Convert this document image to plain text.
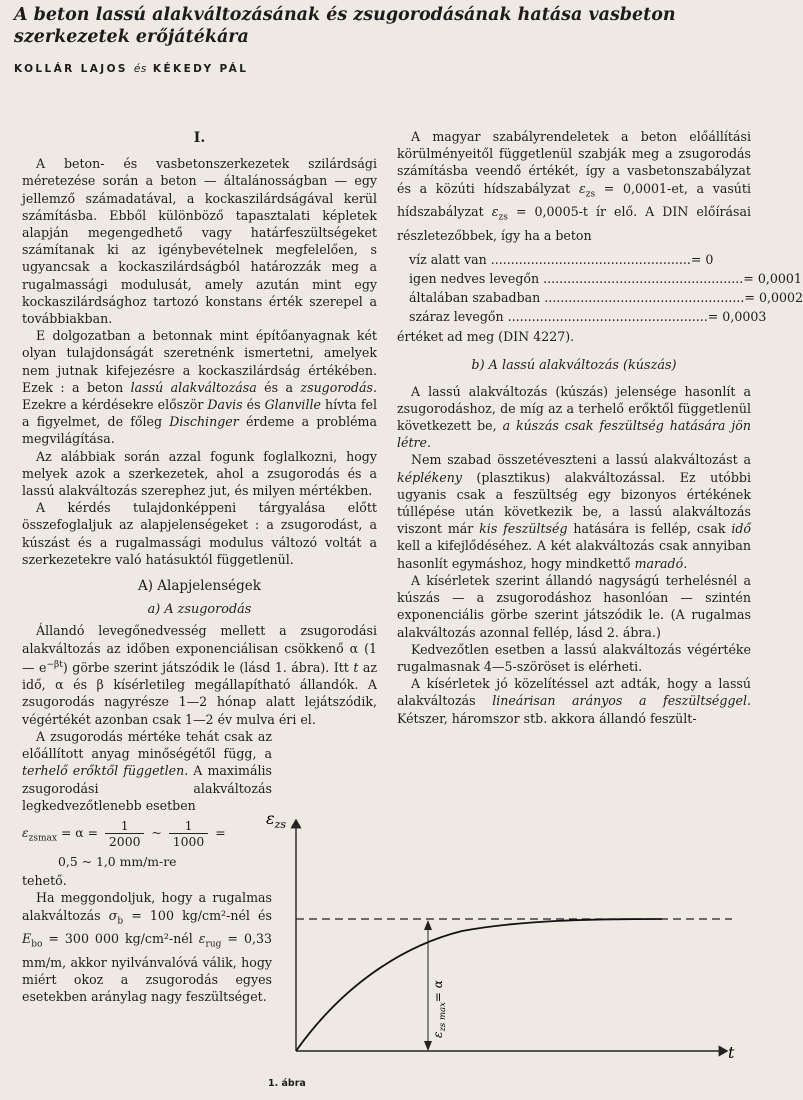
A beton lassú alakváltozásának és zsugorodásának hatása vasbeton szerkezetek erőjátékára
KOLLÁR LAJOS és KÉKEDY PÁL
I.

A beton- és vasbetonszerkezetek szilárdsági méretezése során a beton — általánosságban — egy jellemző számadatával, a kockaszilárdságával kerül számításba. Ebből különböző tapasztalati képletek alapján megengedhető vagy határfeszültségeket számítanak ki az igénybevételnek megfelelően, s ugyancsak a kockaszilárdságból határozzák meg a rugalmassági modulusát, amely azután mint egy kockaszilárdsághoz tartozó konstans érték szerepel a továbbiakban.

E dolgozatban a betonnak mint építőanyagnak két olyan tulajdonságát szeretnénk ismertetni, amelyek nem jutnak kifejezésre a kockaszilárdság értékében. Ezek : a beton lassú alakváltozása és a zsugorodás. Ezekre a kérdésekre először Davis és Glanville hívta fel a figyelmet, de főleg Dischinger érdeme a probléma megvilágítása.

Az alábbiak során azzal fogunk foglalkozni, hogy melyek azok a szerkezetek, ahol a zsugorodás és a lassú alakváltozás szerephez jut, és milyen mértékben.

A kérdés tulajdonképpeni tárgyalása előtt összefoglaljuk az alapjelenségeket : a zsugorodást, a kúszást és a rugalmassági modulus változó voltát a szerkezetekre való hatásuktól függetlenül.

A) Alapjelenségek
a) A zsugorodás

Állandó levegőnedvesség mellett a zsugorodási alakváltozás az időben exponenciálisan csökkenő α (1 — $e^{-\beta t}$) görbe szerint játszódik le (lásd 1. ábra). Itt t az idő, α és β kísérletileg megállapítható állandók. A zsugorodás nagyrésze 1—2 hónap alatt lejátszódik, végértékét azonban csak 1—2 év mulva éri el.

A zsugorodás mértéke tehát csak az előállított anyag minőségétől függ, a terhelő erőktől független. A maximális zsugorodási alakváltozás legkedvezőtlenebb esetben

$\varepsilon_{zsmax} = \alpha = \frac{1}{2000}$ ~ $\frac{1}{1000}$ =
0,5 ~ 1,0 mm/m-re

tehető.

Ha meggondoljuk, hogy a rugalmas alakváltozás $\sigma_b = 100$ kg/cm²-nél és $E_{bo} = 300$ 000 kg/cm²-nél $\varepsilon_{rug} = 0,33$ mm/m, akkor nyilvánvalóvá válik, hogy miért okoz a zsugorodás egyes esetekben aránylag nagy feszültséget.

A magyar szabályrendeletek a beton előállítási körülményeitől függetlenül szabják meg a zsugorodás számításba veendő értékét, így a vasbetonszabályzat és a közúti hídszabályzat $\varepsilon_{zs} = 0,0001-et$, a vasúti hídszabályzat $\varepsilon_{zs} = 0,0005-t$ ír elő. A DIN előírásai részletezőbbek, így ha a beton

víz alatt van .................................................. = 0
igen nedves levegőn .................................................. = 0,0001
általában szabadban .................................................. = 0,0002
száraz levegőn .................................................. = 0,0003

értéket ad meg (DIN 4227).

b) A lassú alakváltozás (kúszás)

A lassú alakváltozás (kúszás) jelensége hasonlít a zsugorodáshoz, de míg az a terhelő erőktől függetlenül következett be, a kúszás csak feszültség hatására jön létre.

Nem szabad összetéveszteni a lassú alakváltozást a képlékeny (plasztikus) alakváltozással. Ez utóbbi ugyanis csak a feszültség egy bizonyos értékének túllépése után következik be, a lassú alakváltozás viszont már kis feszültség hatására is fellép, csak idő kell a kifejlődéséhez. A két alakváltozás csak annyiban hasonlít egymáshoz, hogy mindkettő maradó.

A kísérletek szerint állandó nagyságú terhelésnél a kúszás — a zsugorodáshoz hasonlóan — szintén exponenciális görbe szerint játszódik le. (A rugalmas alakváltozás azonnal fellép, lásd 2. ábra.)

Kedvezőtlen esetben a lassú alakváltozás végértéke rugalmasnak 4—5-szöröset is elérheti.

A kísérletek jó közelítéssel azt adták, hogy a lassú alakváltozás lineárisan arányos a feszültséggel. Kétszer, háromszor stb. akkora állandó feszült-

$\varepsilon_{zs}$
t
$\varepsilon_{zs max}= \alpha$
1. ábra
